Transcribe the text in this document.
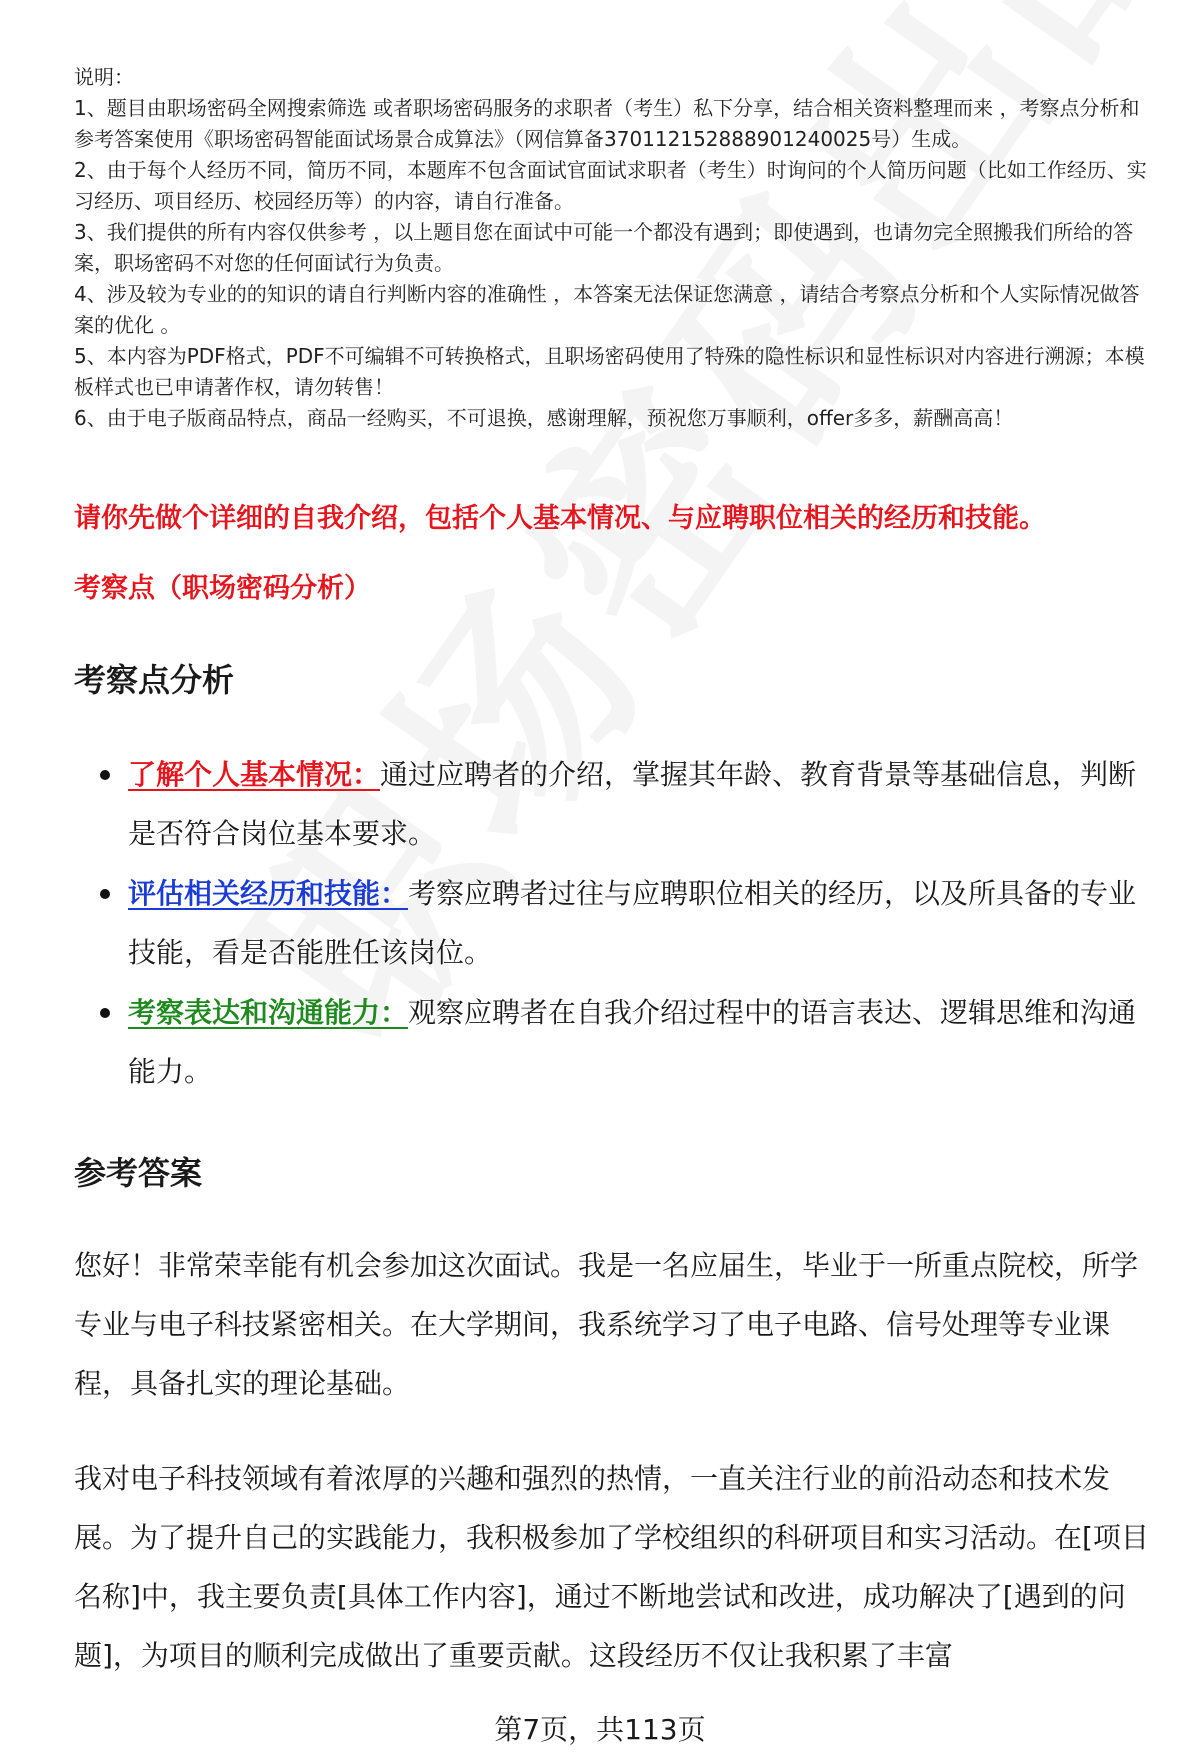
说明：

1、题目由职场密码全网搜索筛选 或者职场密码服务的求职者（考生）私下分享，结合相关资料整理而来 ，考察点分析和参考答案使用《职场密码智能面试场景合成算法》（网信算备370112152888901240025号）生成。

2、由于每个人经历不同，简历不同，本题库不包含面试官面试求职者（考生）时询问的个人简历问题（比如工作经历、实习经历、项目经历、校园经历等）的内容，请自行准备。

3、我们提供的所有内容仅供参考 ，以上题目您在面试中可能一个都没有遇到；即使遇到，也请勿完全照搬我们所给的答案，职场密码不对您的任何面试行为负责。

4、涉及较为专业的的知识的请自行判断内容的准确性 ，本答案无法保证您满意 ，请结合考察点分析和个人实际情况做答案的优化 。

5、本内容为PDF格式，PDF不可编辑不可转换格式，且职场密码使用了特殊的隐性标识和显性标识对内容进行溯源；本模板样式也已申请著作权，请勿转售！

6、由于电子版商品特点，商品一经购买，不可退换，感谢理解，预祝您万事顺利，offer多多，薪酬高高！

请你先做个详细的自我介绍，包括个人基本情况、与应聘职位相关的经历和技能。

考察点（职场密码分析）

考察点分析
了解个人基本情况：通过应聘者的介绍，掌握其年龄、教育背景等基础信息，判断是否符合岗位基本要求。
评估相关经历和技能：考察应聘者过往与应聘职位相关的经历，以及所具备的专业技能，看是否能胜任该岗位。
考察表达和沟通能力：观察应聘者在自我介绍过程中的语言表达、逻辑思维和沟通能力。
参考答案

您好！非常荣幸能有机会参加这次面试。我是一名应届生，毕业于一所重点院校，所学专业与电子科技紧密相关。在大学期间，我系统学习了电子电路、信号处理等专业课程，具备扎实的理论基础。

我对电子科技领域有着浓厚的兴趣和强烈的热情，一直关注行业的前沿动态和技术发展。为了提升自己的实践能力，我积极参加了学校组织的科研项目和实习活动。在[项目名称]中，我主要负责[具体工作内容]，通过不断地尝试和改进，成功解决了[遇到的问题]，为项目的顺利完成做出了重要贡献。这段经历不仅让我积累了丰富

第7页，共113页
